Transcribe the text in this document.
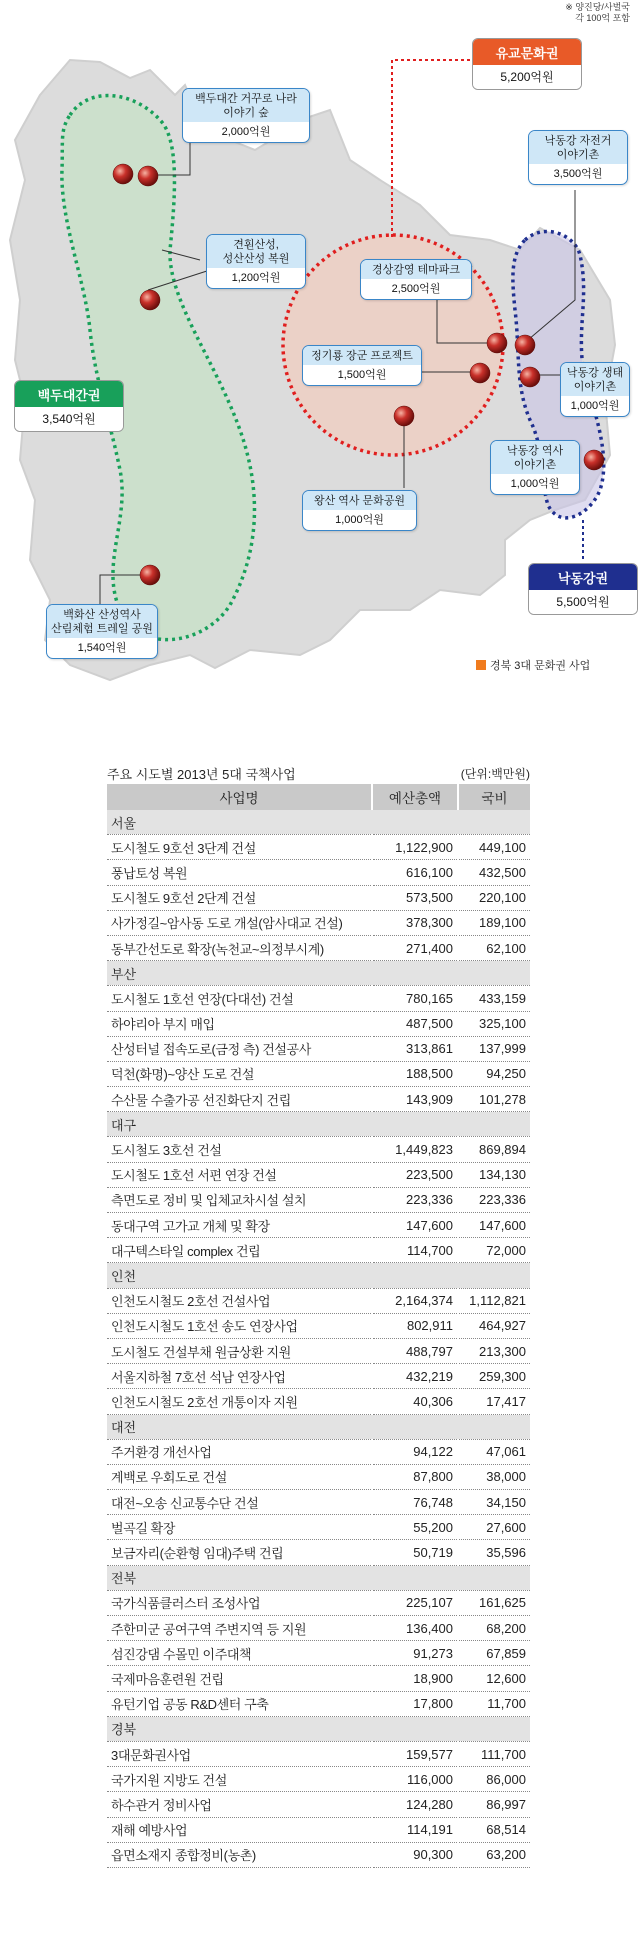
※ 양진당/사벌국
각 100억 포함
유교문화권
5,200억원
백두대간권
3,540억원
낙동강권
5,500억원
백두대간 거꾸로 나라
이야기 숲
2,000억원
견훤산성,
성산산성 복원
1,200억원
백화산 산성역사
산림체험 트레일 공원
1,540억원
경상감영 테마파크
2,500억원
정기룡 장군 프로젝트
1,500억원
왕산 역사 문화공원
1,000억원
낙동강 자전거
이야기촌
3,500억원
낙동강 생태
이야기촌
1,000억원
낙동강 역사
이야기촌
1,000억원
경북 3대 문화권 사업
주요 시도별 2013년 5대 국책사업	(단위:백만원)
사업명	예산총액	국비
서울		
도시철도 9호선 3단계 건설	1,122,900	449,100
풍납토성 복원	616,100	432,500
도시철도 9호선 2단계 건설	573,500	220,100
사가정길~암사동 도로 개설(암사대교 건설)	378,300	189,100
동부간선도로 확장(녹천교~의정부시계)	271,400	62,100
부산		
도시철도 1호선 연장(다대선) 건설	780,165	433,159
하야리아 부지 매입	487,500	325,100
산성터널 접속도로(금정 측) 건설공사	313,861	137,999
덕천(화명)~양산 도로 건설	188,500	94,250
수산물 수출가공 선진화단지 건립	143,909	101,278
대구		
도시철도 3호선 건설	1,449,823	869,894
도시철도 1호선 서편 연장 건설	223,500	134,130
측면도로 정비 및 입체교차시설 설치	223,336	223,336
동대구역 고가교 개체 및 확장	147,600	147,600
대구텍스타일 complex 건립	114,700	72,000
인천		
인천도시철도 2호선 건설사업	2,164,374	1,112,821
인천도시철도 1호선 송도 연장사업	802,911	464,927
도시철도 건설부채 원금상환 지원	488,797	213,300
서울지하철 7호선 석남 연장사업	432,219	259,300
인천도시철도 2호선 개통이자 지원	40,306	17,417
대전		
주거환경 개선사업	94,122	47,061
계백로 우회도로 건설	87,800	38,000
대전~오송 신교통수단 건설	76,748	34,150
벌곡길 확장	55,200	27,600
보금자리(순환형 임대)주택 건립	50,719	35,596
전북		
국가식품클러스터 조성사업	225,107	161,625
주한미군 공여구역 주변지역 등 지원	136,400	68,200
섬진강댐 수몰민 이주대책	91,273	67,859
국제마음훈련원 건립	18,900	12,600
유턴기업 공동 R&D센터 구축	17,800	11,700
경북		
3대문화권사업	159,577	111,700
국가지원 지방도 건설	116,000	86,000
하수관거 정비사업	124,280	86,997
재해 예방사업	114,191	68,514
읍면소재지 종합정비(농촌)	90,300	63,200
